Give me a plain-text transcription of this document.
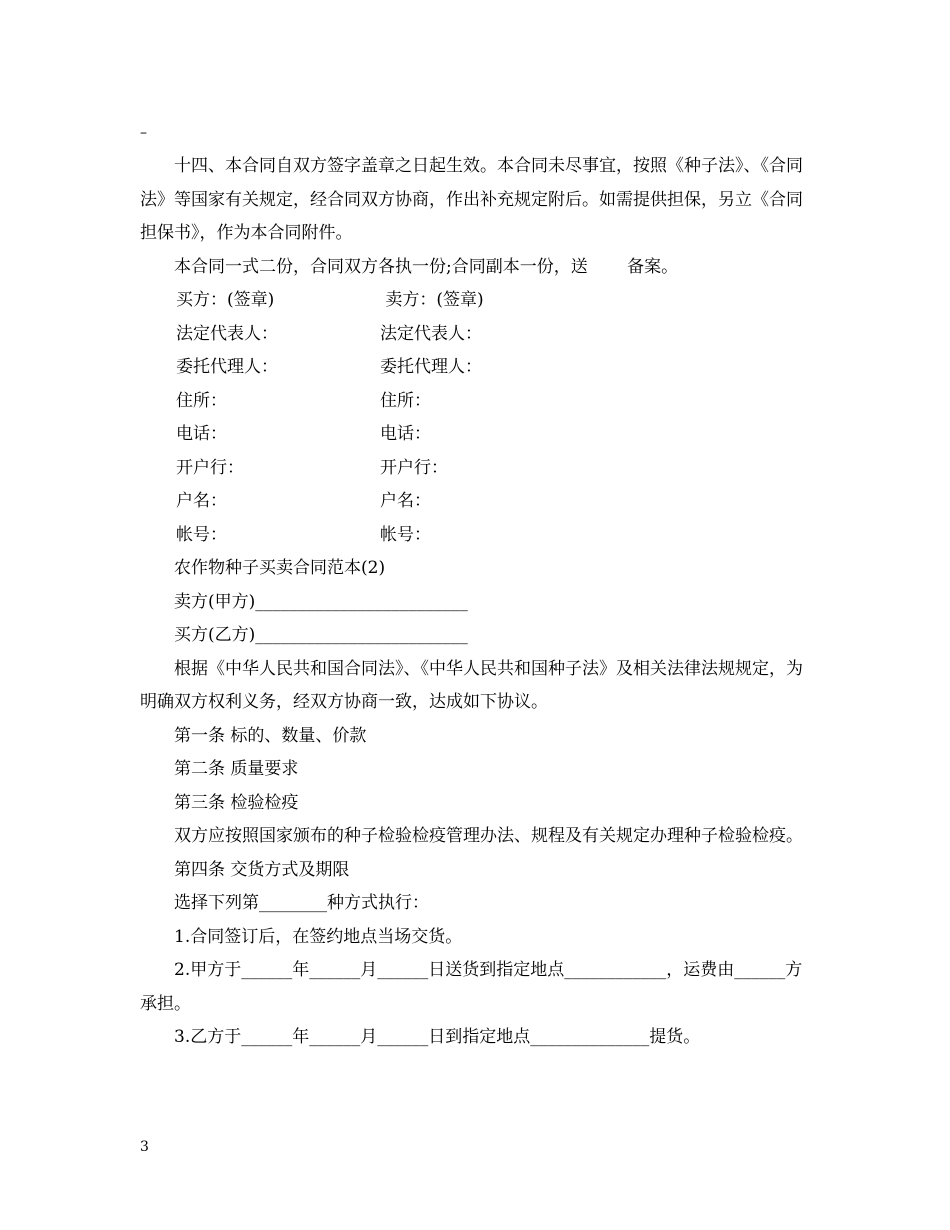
–

十四、本合同自双方签字盖章之日起生效。本合同未尽事宜，按照《种子法》、《合同法》等国家有关规定，经合同双方协商，作出补充规定附后。如需提供担保，另立《合同担保书》，作为本合同附件。

本合同一式二份，合同双方各执一份;合同副本一份，送　　 备案。

买方：(签章)	卖方：(签章)
法定代表人：	法定代表人：
委托代理人：	委托代理人：
住所：	住所：
电话：	电话：
开户行：	开户行：
户名：	户名：
帐号：	帐号：

农作物种子买卖合同范本(2)

卖方(甲方)_________________________

买方(乙方)_________________________

根据《中华人民共和国合同法》、《中华人民共和国种子法》及相关法律法规规定，为明确双方权利义务，经双方协商一致，达成如下协议。

第一条 标的、数量、价款

第二条 质量要求

第三条 检验检疫

双方应按照国家颁布的种子检验检疫管理办法、规程及有关规定办理种子检验检疫。

第四条 交货方式及期限

选择下列第________种方式执行：

1.合同签订后，在签约地点当场交货。

2.甲方于______年______月______日送货到指定地点____________，运费由______方承担。

3.乙方于______年______月______日到指定地点______________提货。

3
